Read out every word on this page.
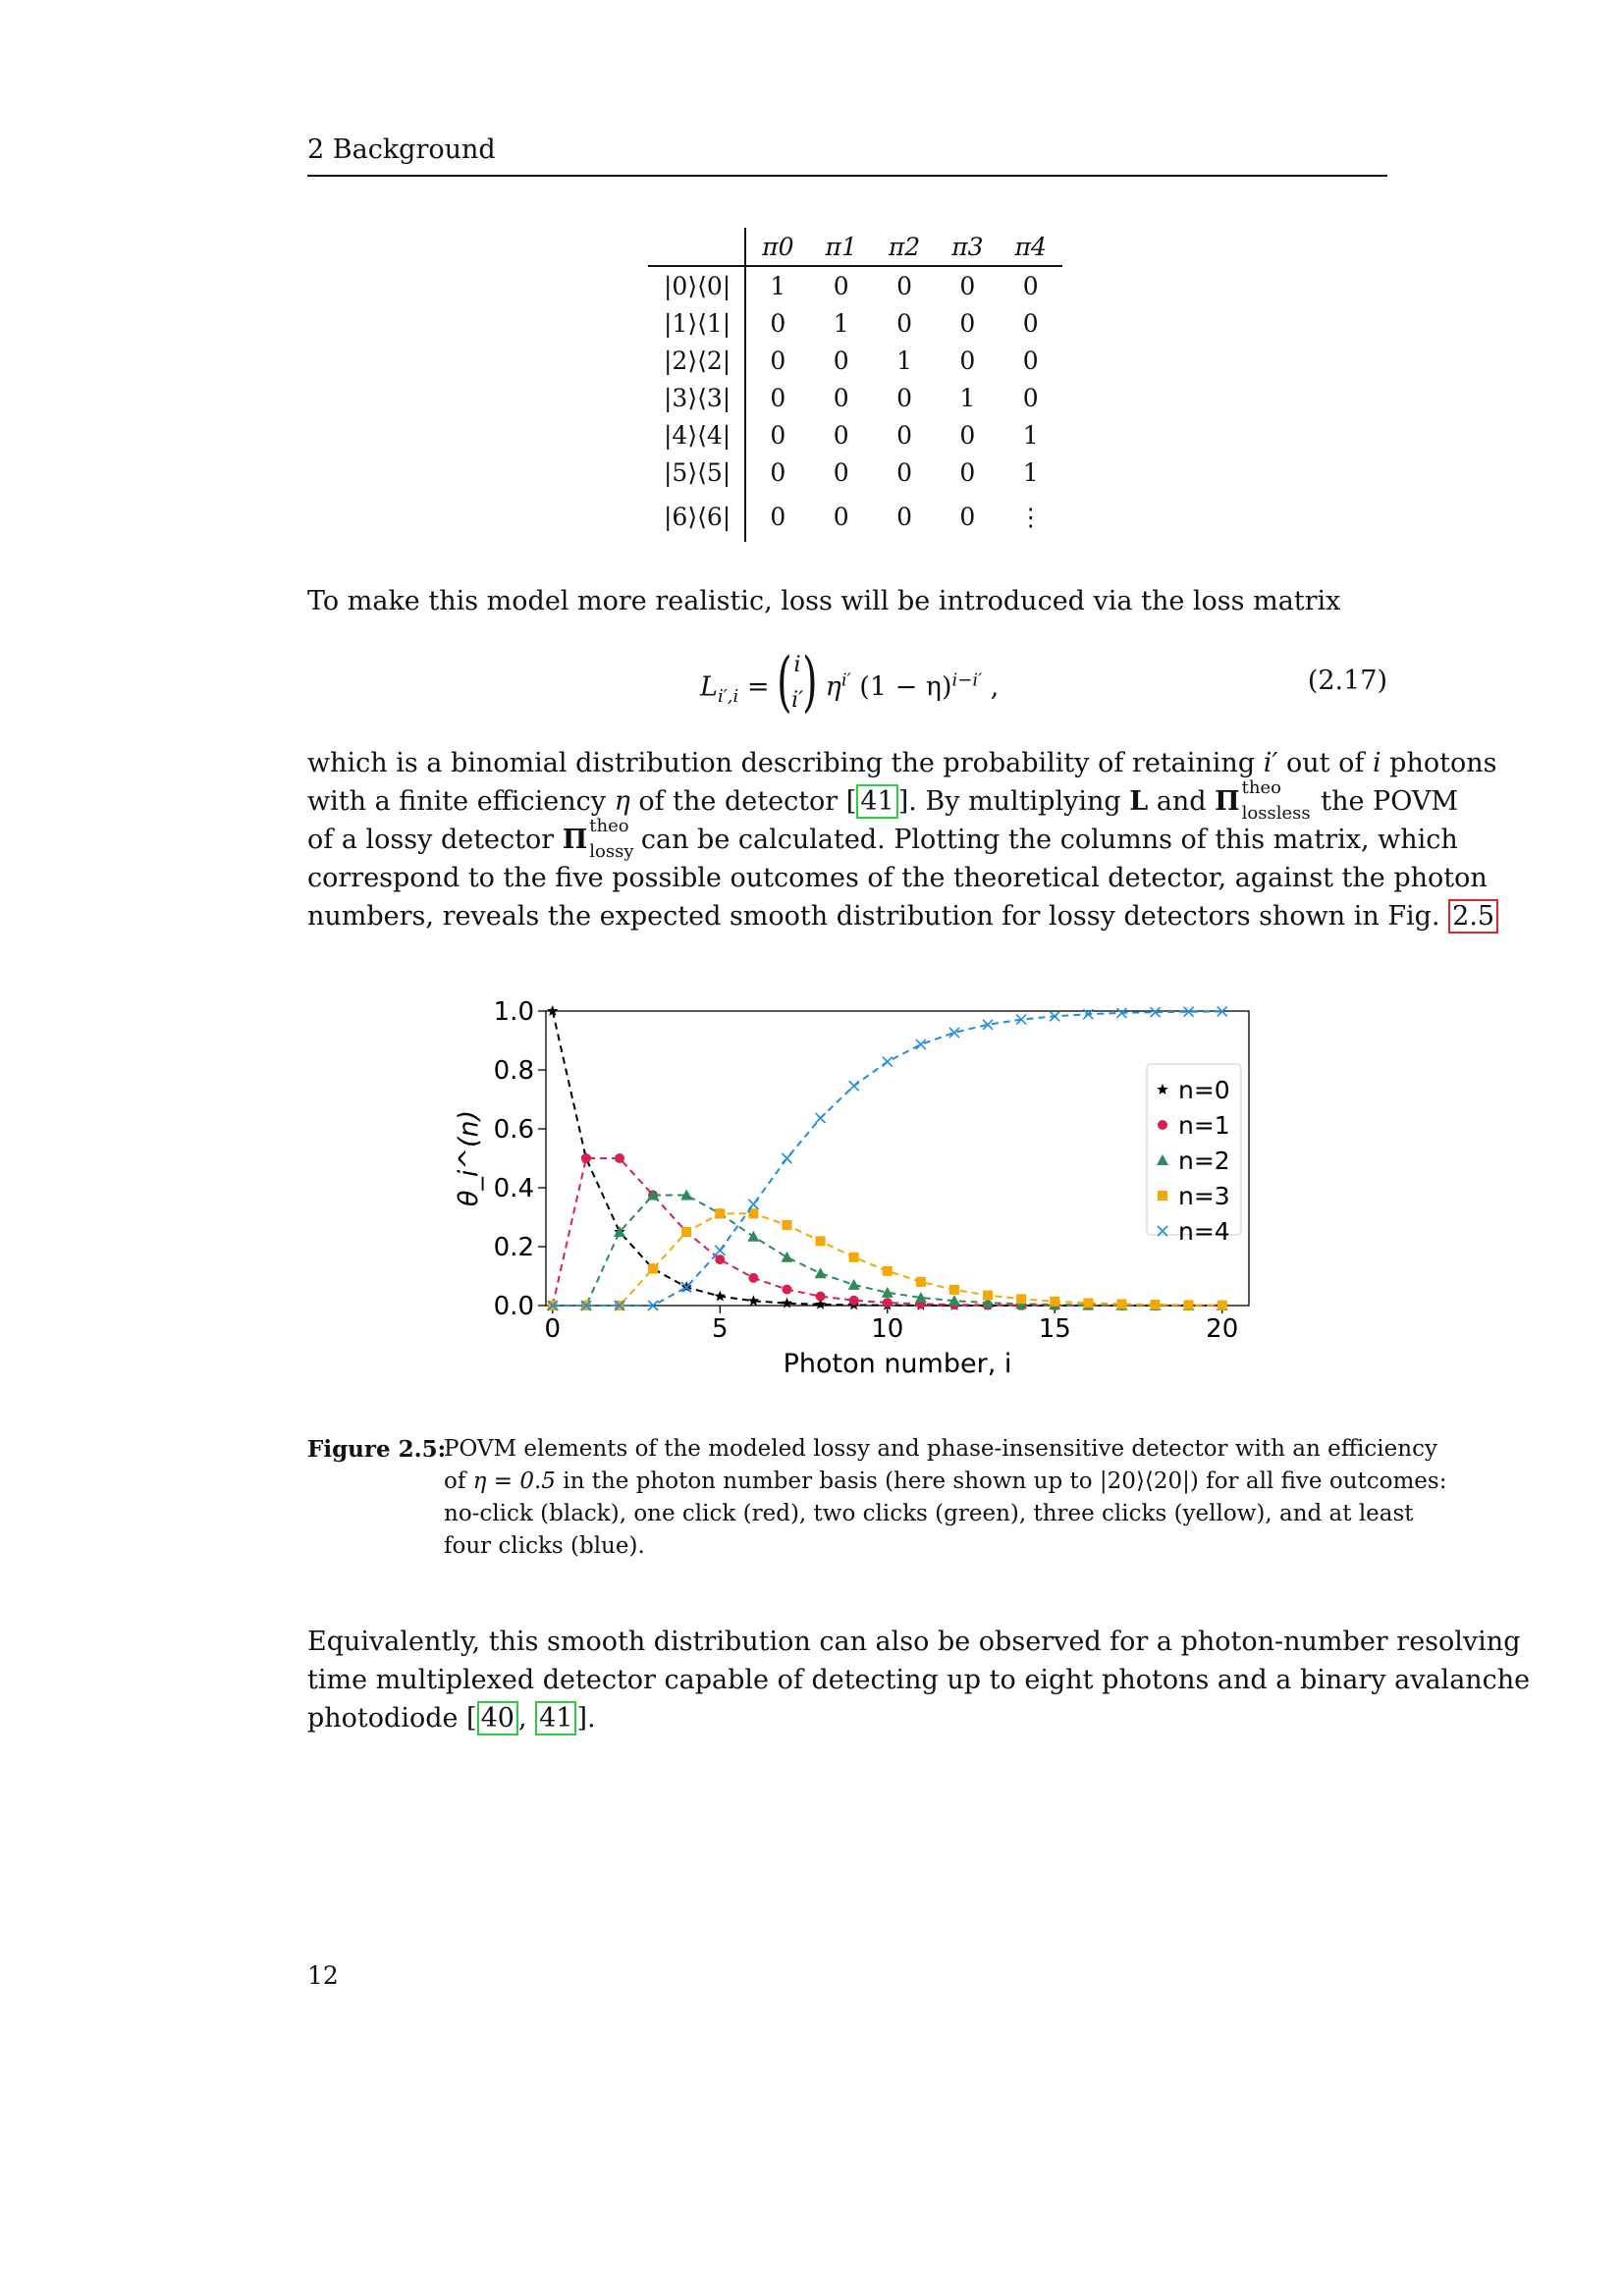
2 Background
	π0	π1	π2	π3	π4
|0⟩⟨0|	1	0	0	0	0
|1⟩⟨1|	0	1	0	0	0
|2⟩⟨2|	0	0	1	0	0
|3⟩⟨3|	0	0	0	1	0
|4⟩⟨4|	0	0	0	0	1
|5⟩⟨5|	0	0	0	0	1
|6⟩⟨6|	0	0	0	0	⋮
To make this model more realistic, loss will be introduced via the loss matrix
$L_{i',i}$ = ( i
i′ ) $\eta^{i'}$ $(1 - \eta)^{i-i'}$ ,	(2.17)
which is a binomial distribution describing the probability of retaining i′ out of i photons
with a finite efficiency η of the detector [ 41 ]. By multiplying L and Π theo
lossless the POVM
of a lossy detector Π theo
lossy
can be calculated. Plotting the columns of this matrix, which
correspond to the five possible outcomes of the theoretical detector, against the photon
numbers, reveals the expected smooth distribution for lossy detectors shown in Fig. 2.5
0	5	10	15	20
0.0
0.2
0.4
0.6
0.8
1.0
Photon number, i
θ_i^(n)
n=0
n=1
n=2
n=3
n=4
Figure 2.5:
POVM elements of the modeled lossy and phase-insensitive detector with an efficiency
of η = 0.5 in the photon number basis (here shown up to |20⟩⟨20|) for all five outcomes:
no-click (black), one click (red), two clicks (green), three clicks (yellow), and at least
four clicks (blue).
Equivalently, this smooth distribution can also be observed for a photon-number resolving
time multiplexed detector capable of detecting up to eight photons and a binary avalanche
photodiode [ 40 , 41 ].
12
